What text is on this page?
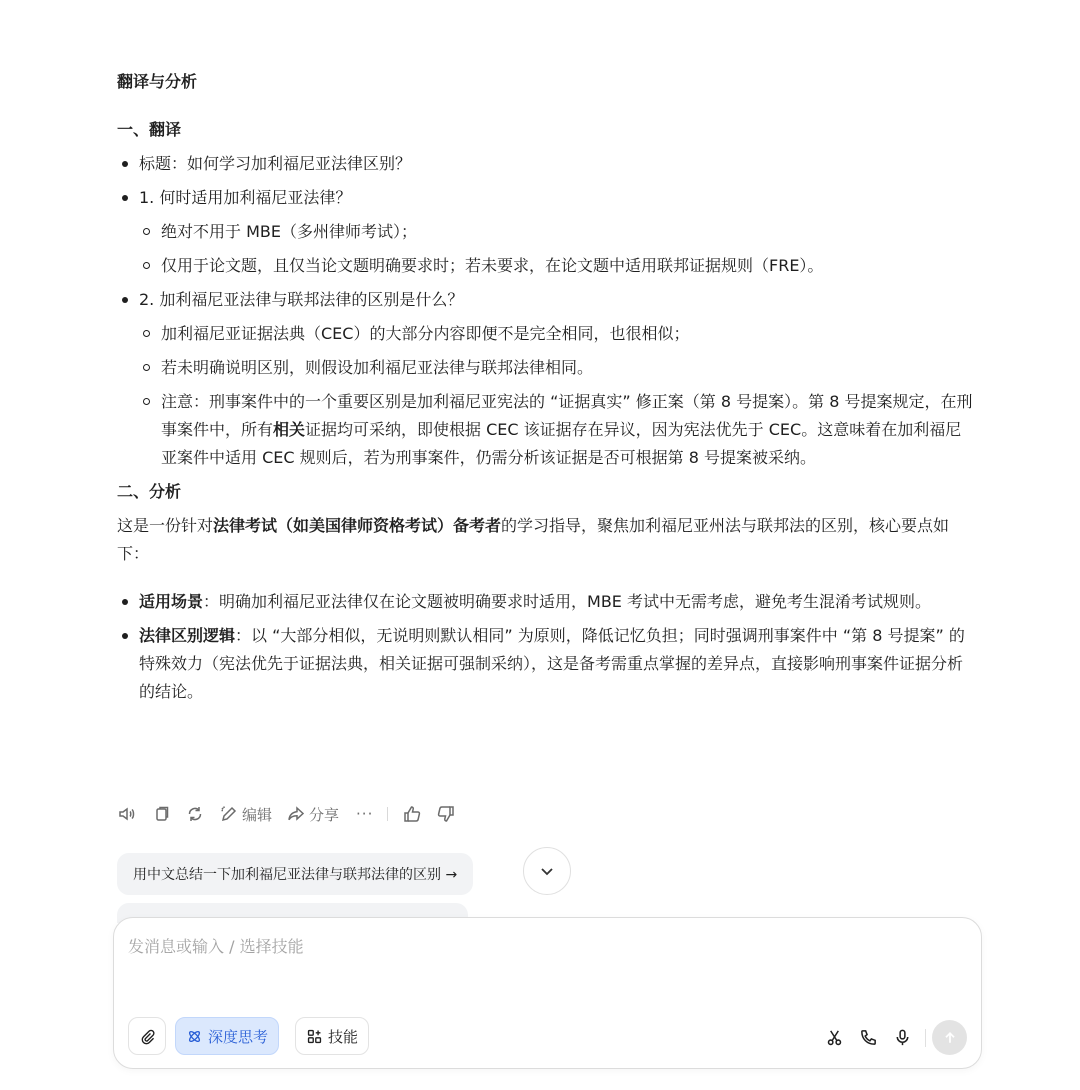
翻译与分析
一、翻译
标题：如何学习加利福尼亚法律区别？
1. 何时适用加利福尼亚法律？
绝对不用于 MBE（多州律师考试）；
仅用于论文题，且仅当论文题明确要求时；若未要求，在论文题中适用联邦证据规则（FRE）。
2. 加利福尼亚法律与联邦法律的区别是什么？
加利福尼亚证据法典（CEC）的大部分内容即便不是完全相同，也很相似；
若未明确说明区别，则假设加利福尼亚法律与联邦法律相同。
注意：刑事案件中的一个重要区别是加利福尼亚宪法的 “证据真实” 修正案（第 8 号提案）。第 8 号提案规定，在刑事案件中，所有相关证据均可采纳，即使根据 CEC 该证据存在异议，因为宪法优先于 CEC。这意味着在加利福尼亚案件中适用 CEC 规则后，若为刑事案件，仍需分析该证据是否可根据第 8 号提案被采纳。
二、分析
这是一份针对法律考试（如美国律师资格考试）备考者的学习指导，聚焦加利福尼亚州法与联邦法的区别，核心要点如下：
适用场景：明确加利福尼亚法律仅在论文题被明确要求时适用，MBE 考试中无需考虑，避免考生混淆考试规则。
法律区别逻辑：以 “大部分相似，无说明则默认相同” 为原则，降低记忆负担；同时强调刑事案件中 “第 8 号提案” 的特殊效力（宪法优先于证据法典，相关证据可强制采纳），这是备考需重点掌握的差异点，直接影响刑事案件证据分析的结论。
编辑 分享 ···
用中文总结一下加利福尼亚法律与联邦法律的区别 →
发消息或输入 / 选择技能
深度思考	技能
